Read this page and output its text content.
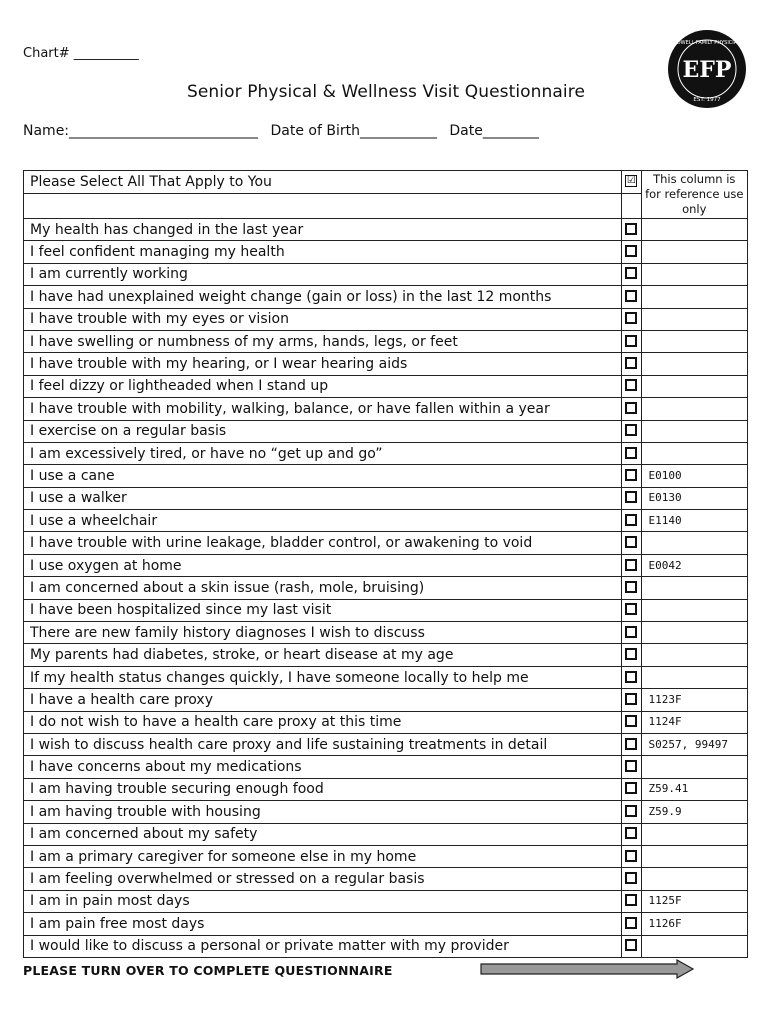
Chart# __________
EFP
ENDWELL FAMILY PHYSICIANS
EST. 1977
Senior Physical & Wellness Visit Questionnaire
Name:___________________________ Date of Birth___________ Date________
Please Select All That Apply to You	☑	This column is for reference use only

My health has changed in the last year		
I feel confident managing my health		
I am currently working		
I have had unexplained weight change (gain or loss) in the last 12 months		
I have trouble with my eyes or vision		
I have swelling or numbness of my arms, hands, legs, or feet		
I have trouble with my hearing, or I wear hearing aids		
I feel dizzy or lightheaded when I stand up		
I have trouble with mobility, walking, balance, or have fallen within a year		
I exercise on a regular basis		
I am excessively tired, or have no “get up and go”		
I use a cane		E0100
I use a walker		E0130
I use a wheelchair		E1140
I have trouble with urine leakage, bladder control, or awakening to void		
I use oxygen at home		E0042
I am concerned about a skin issue (rash, mole, bruising)		
I have been hospitalized since my last visit		
There are new family history diagnoses I wish to discuss		
My parents had diabetes, stroke, or heart disease at my age		
If my health status changes quickly, I have someone locally to help me		
I have a health care proxy		1123F
I do not wish to have a health care proxy at this time		1124F
I wish to discuss health care proxy and life sustaining treatments in detail		S0257, 99497
I have concerns about my medications		
I am having trouble securing enough food		Z59.41
I am having trouble with housing		Z59.9
I am concerned about my safety		
I am a primary caregiver for someone else in my home		
I am feeling overwhelmed or stressed on a regular basis		
I am in pain most days		1125F
I am pain free most days		1126F
I would like to discuss a personal or private matter with my provider		
PLEASE TURN OVER TO COMPLETE QUESTIONNAIRE
